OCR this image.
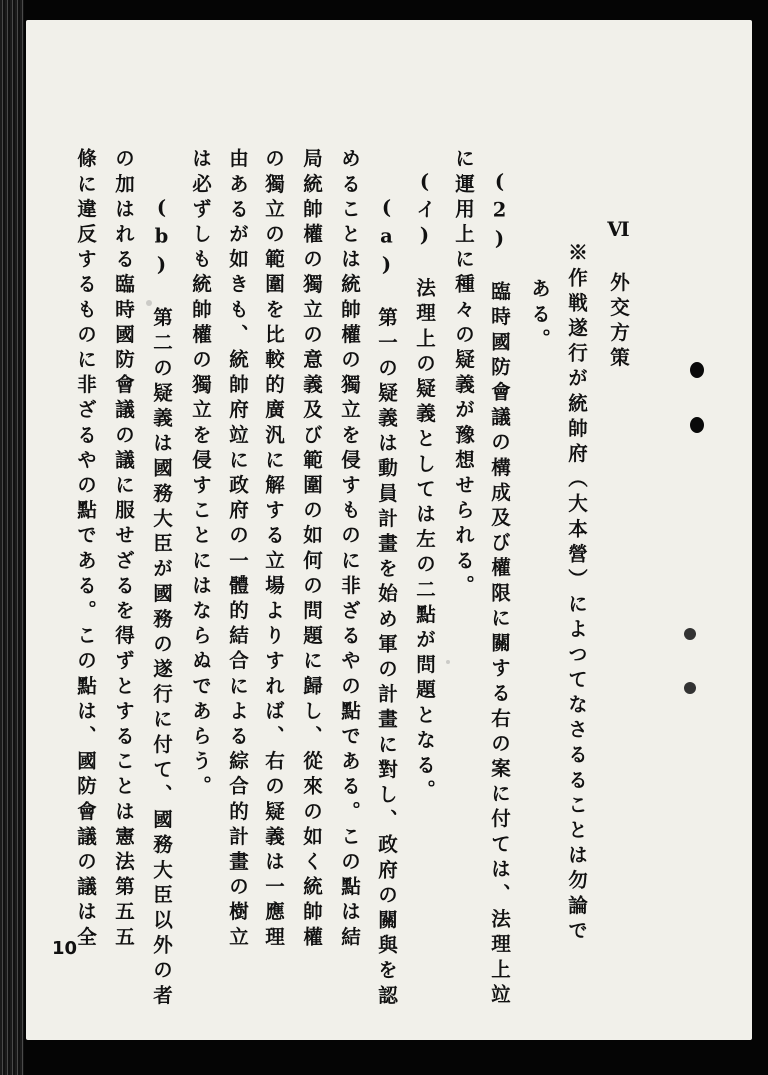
Ⅵ　外交方策
※作戦遂行が統帥府（大本營）によつてなさるることは勿論で
ある。
(2)　臨時國防會議の構成及び權限に關する右の案に付ては、法理上竝
に運用上に種々の疑義が豫想せられる。
(イ)　法理上の疑義としては左の二點が問題となる。
(a)　第一の疑義は動員計畫を始め軍の計畫に對し、政府の關與を認
めることは統帥權の獨立を侵すものに非ざるやの點である。この點は結
局統帥權の獨立の意義及び範圍の如何の問題に歸し、從來の如く統帥權
の獨立の範圍を比較的廣汎に解する立場よりすれば、右の疑義は一應理
由あるが如きも、統帥府竝に政府の一體的結合による綜合的計畫の樹立
は必ずしも統帥權の獨立を侵すことにはならぬであらう。
(b)　第二の疑義は國務大臣が國務の遂行に付て、國務大臣以外の者
の加はれる臨時國防會議の議に服せざるを得ずとすることは憲法第五五
條に違反するものに非ざるやの點である。この點は、國防會議の議は全
10
